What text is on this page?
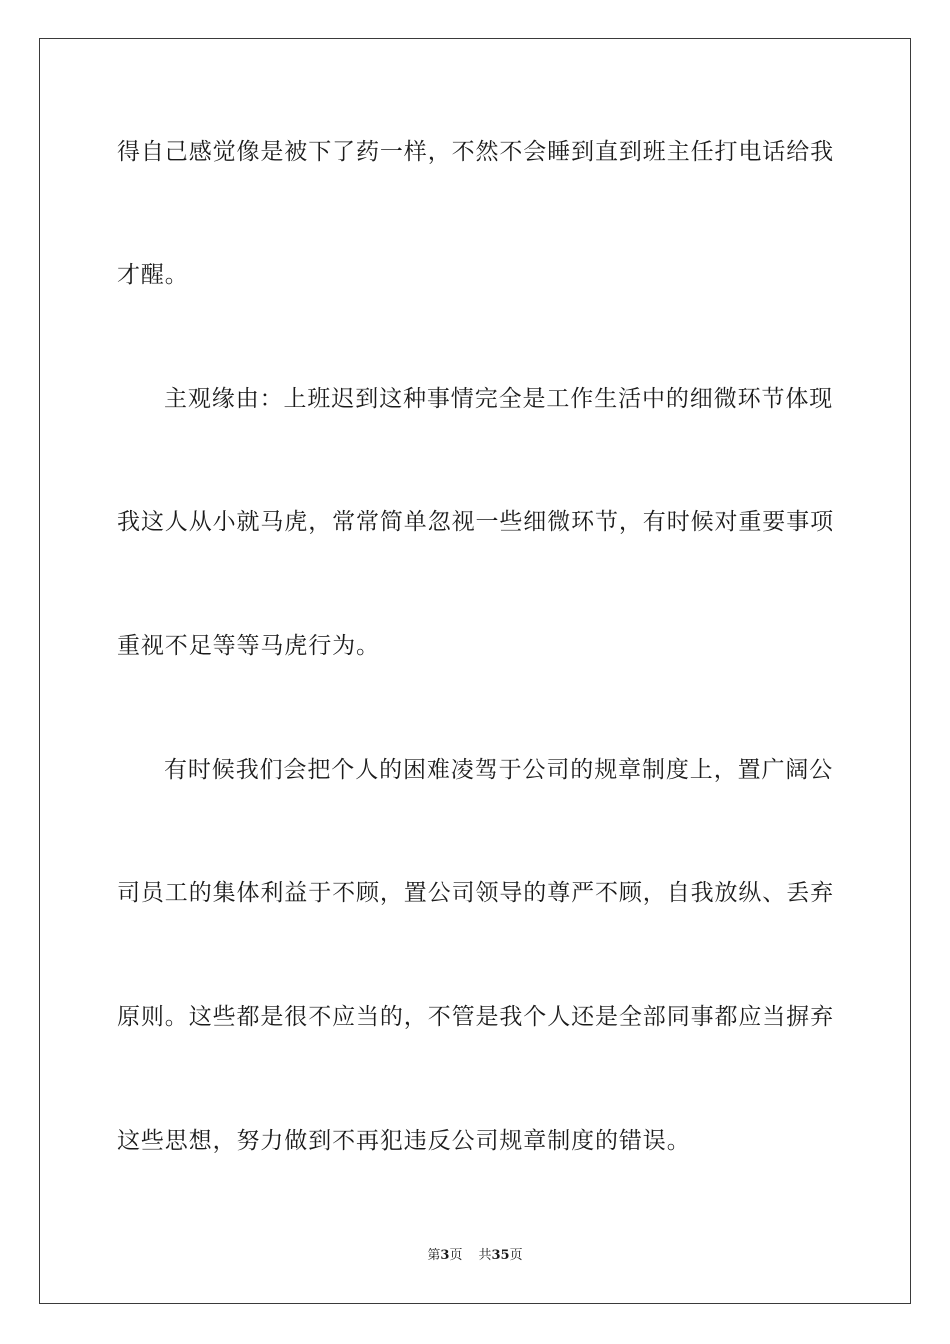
得自己感觉像是被下了药一样，不然不会睡到直到班主任打电话给我
才醒。
主观缘由：上班迟到这种事情完全是工作生活中的细微环节体现
我这人从小就马虎，常常简单忽视一些细微环节，有时候对重要事项
重视不足等等马虎行为。
有时候我们会把个人的困难凌驾于公司的规章制度上，置广阔公
司员工的集体利益于不顾，置公司领导的尊严不顾，自我放纵、丢弃
原则。这些都是很不应当的，不管是我个人还是全部同事都应当摒弃
这些思想，努力做到不再犯违反公司规章制度的错误。
第3页 共35页
